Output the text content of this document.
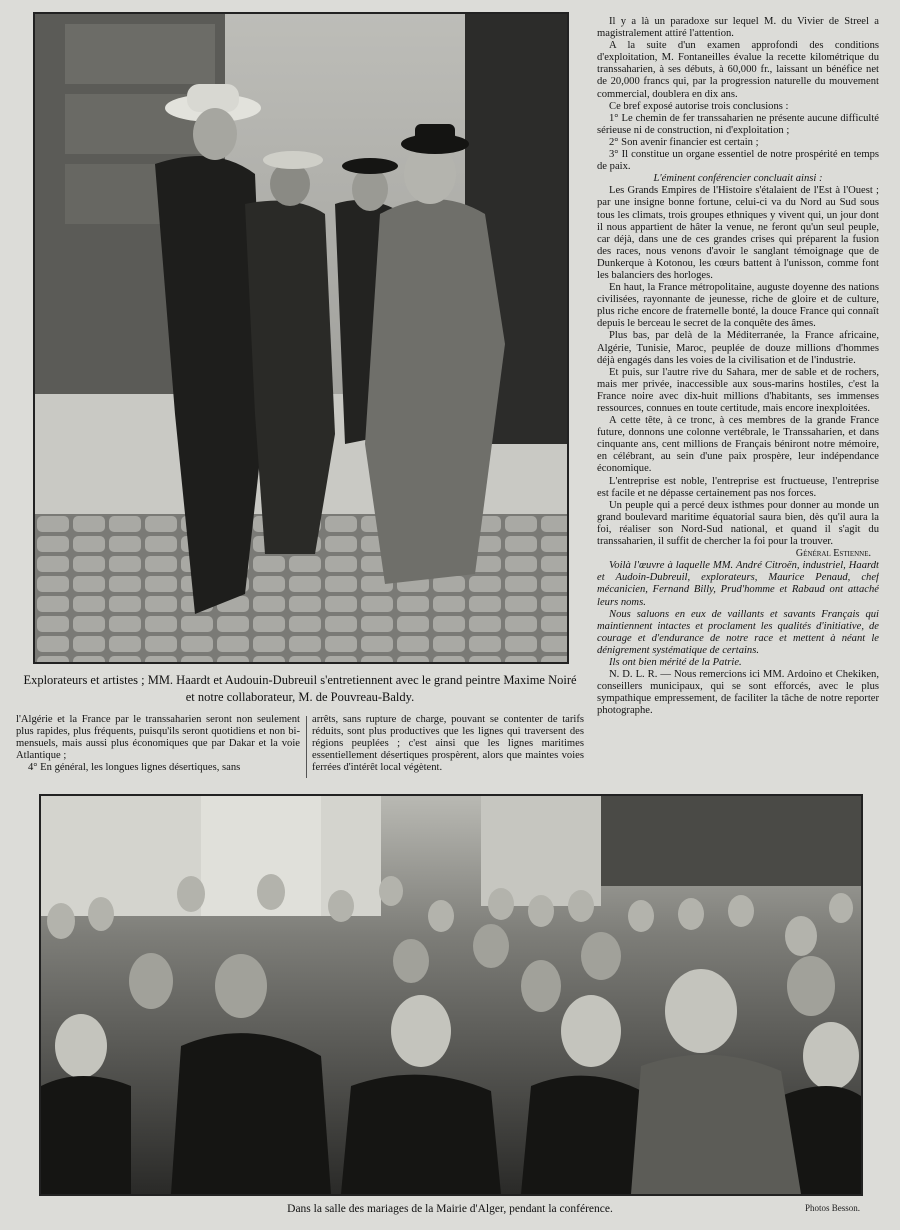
Explorateurs et artistes ; MM. Haardt et Audouin-Dubreuil s'entretiennent avec le grand peintre Maxime Noiré et notre collaborateur, M. de Pouvreau-Baldy.

Il y a là un paradoxe sur lequel M. du Vivier de Streel a magistralement attiré l'attention.

A la suite d'un examen approfondi des conditions d'exploitation, M. Fontaneilles évalue la recette kilométrique du transsaharien, à ses débuts, à 60,000 fr., laissant un bénéfice net de 20,000 francs qui, par la progression naturelle du mouvement commercial, doublera en dix ans.

Ce bref exposé autorise trois conclusions :

1° Le chemin de fer transsaharien ne présente aucune difficulté sérieuse ni de construction, ni d'exploitation ;

2° Son avenir financier est certain ;

3° Il constitue un organe essentiel de notre prospérité en temps de paix.

L'éminent conférencier concluait ainsi :

Les Grands Empires de l'Histoire s'étalaient de l'Est à l'Ouest ; par une insigne bonne fortune, celui-ci va du Nord au Sud sous tous les climats, trois groupes ethniques y vivent qui, un jour dont il nous appartient de hâter la venue, ne feront qu'un seul peuple, car déjà, dans une de ces grandes crises qui préparent la fusion des races, nous venons d'avoir le sanglant témoignage que de Dunkerque à Kotonou, les cœurs battent à l'unisson, comme font les balanciers des horloges.

En haut, la France métropolitaine, auguste doyenne des nations civilisées, rayonnante de jeunesse, riche de gloire et de culture, plus riche encore de fraternelle bonté, la douce France qui connaît depuis le berceau le secret de la conquête des âmes.

Plus bas, par delà de la Méditerranée, la France africaine, Algérie, Tunisie, Maroc, peuplée de douze millions d'hommes déjà engagés dans les voies de la civilisation et de l'industrie.

Et puis, sur l'autre rive du Sahara, mer de sable et de rochers, mais mer privée, inaccessible aux sous-marins hostiles, c'est la France noire avec dix-huit millions d'habitants, ses immenses ressources, connues en toute certitude, mais encore inexploitées.

A cette tête, à ce tronc, à ces membres de la grande France future, donnons une colonne vertébrale, le Transsaharien, et dans cinquante ans, cent millions de Français béniront notre mémoire, en célébrant, au sein d'une paix prospère, leur indépendance économique.

L'entreprise est noble, l'entreprise est fructueuse, l'entreprise est facile et ne dépasse certainement pas nos forces.

Un peuple qui a percé deux isthmes pour donner au monde un grand boulevard maritime équatorial saura bien, dès qu'il aura la foi, réaliser son Nord-Sud national, et quand il s'agit du transsaharien, il suffit de chercher la foi pour la trouver.

Général Estienne.

Voilà l'œuvre à laquelle MM. André Citroën, industriel, Haardt et Audoin-Dubreuil, explorateurs, Maurice Penaud, chef mécanicien, Fernand Billy, Prud'homme et Rabaud ont attaché leurs noms.

Nous saluons en eux de vaillants et savants Français qui maintiennent intactes et proclament les qualités d'initiative, de courage et d'endurance de notre race et mettent à néant le dénigrement systématique de certains.

Ils ont bien mérité de la Patrie.

N. D. L. R. — Nous remercions ici MM. Ardoino et Chekiken, conseillers municipaux, qui se sont efforcés, avec le plus sympathique empressement, de faciliter la tâche de notre reporter photographe.

l'Algérie et la France par le transsaharien seront non seulement plus rapides, plus fréquents, puisqu'ils seront quotidiens et non bi-mensuels, mais aussi plus économiques que par Dakar et la voie Atlantique ;

4° En général, les longues lignes désertiques, sans

arrêts, sans rupture de charge, pouvant se contenter de tarifs réduits, sont plus productives que les lignes qui traversent des régions peuplées ; c'est ainsi que les lignes maritimes essentiellement désertiques prospèrent, alors que maintes voies ferrées d'intérêt local végètent.

Dans la salle des mariages de la Mairie d'Alger, pendant la conférence.	Photos Besson.
